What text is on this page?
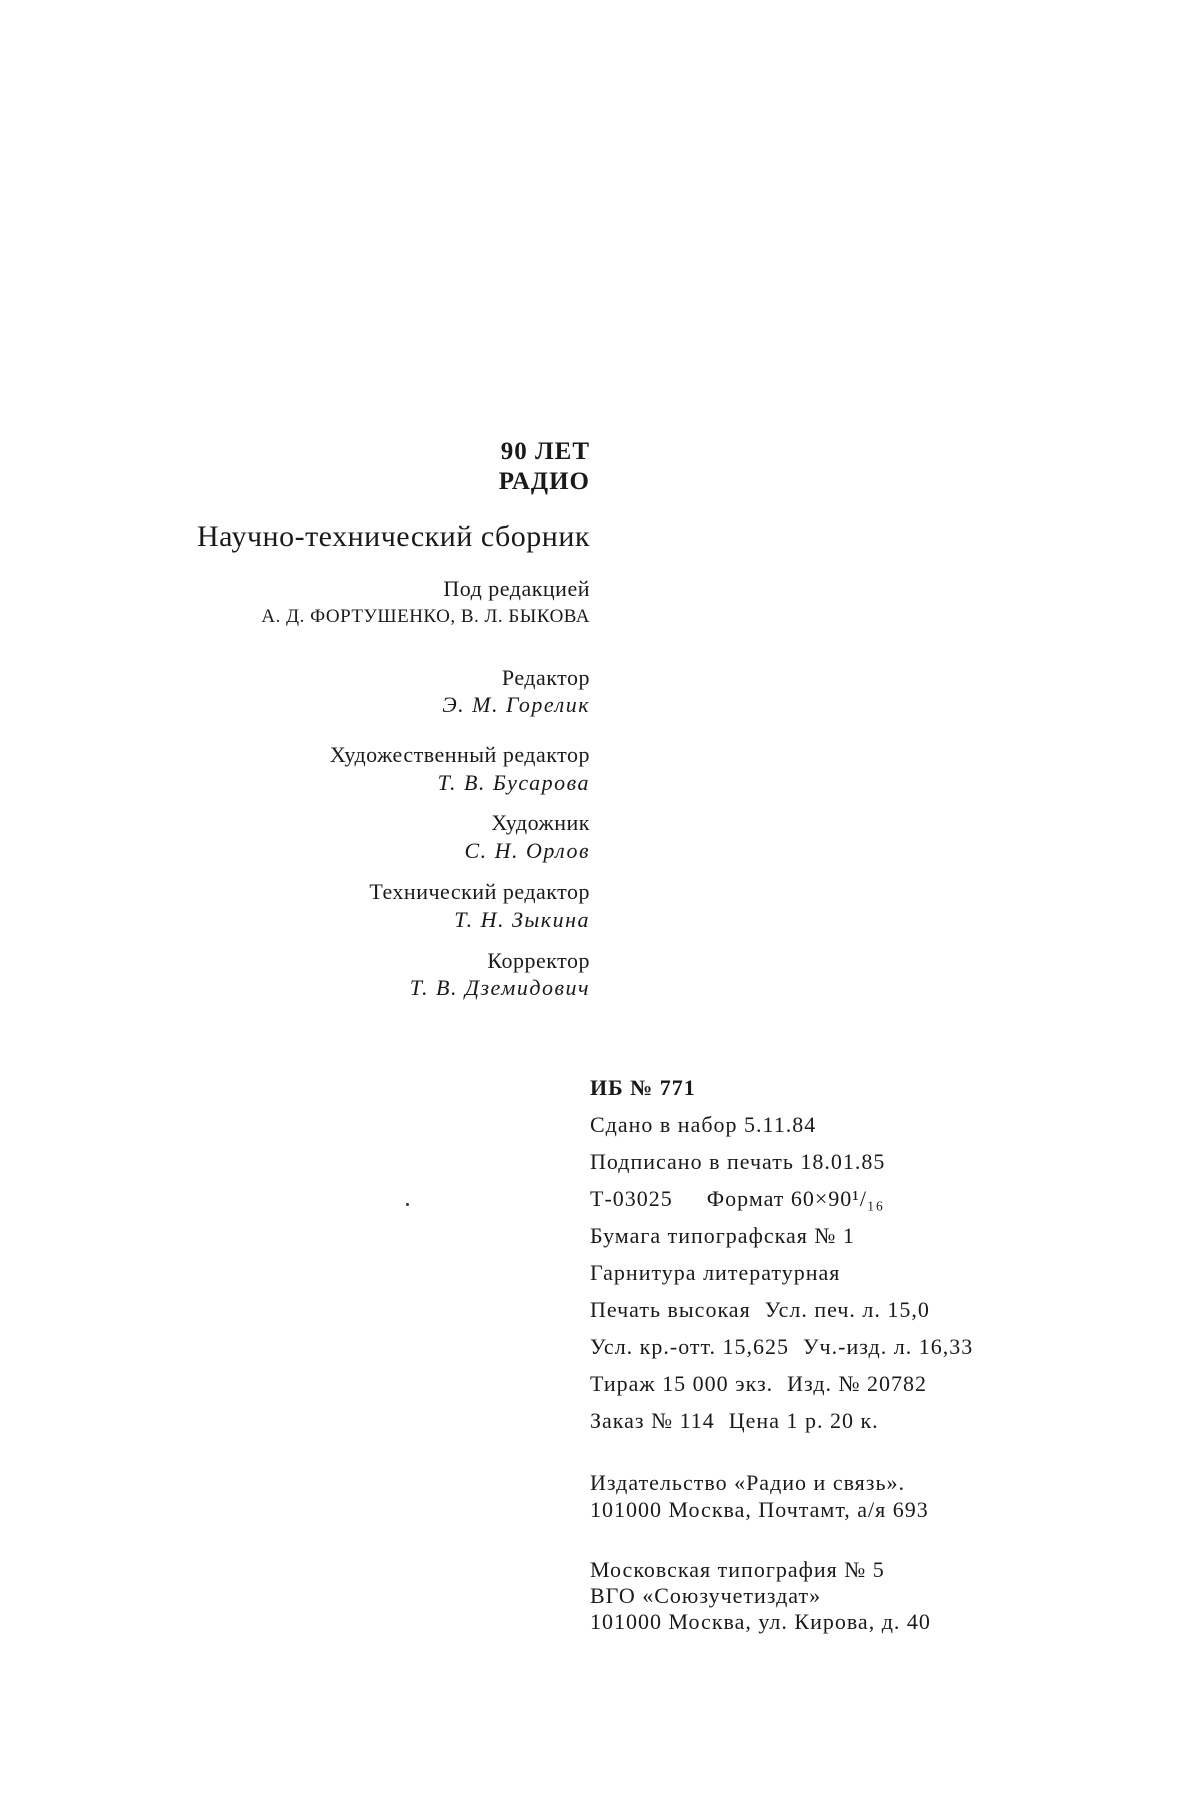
90 ЛЕТ
РАДИО
Научно-технический сборник
Под редакцией
А. Д. ФОРТУШЕНКО, В. Л. БЫКОВА
Редактор
Э. М. Горелик
Художественный редактор
Т. В. Бусарова
Художник
С. Н. Орлов
Технический редактор
Т. Н. Зыкина
Корректор
Т. В. Дземидович
ИБ № 771
Сдано в набор 5.11.84
Подписано в печать 18.01.85
Т-03025 Формат 60×90¹/₁₆
Бумага типографская № 1
Гарнитура литературная
Печать высокая Усл. печ. л. 15,0
Усл. кр.-отт. 15,625 Уч.-изд. л. 16,33
Тираж 15 000 экз. Изд. № 20782
Заказ № 114 Цена 1 р. 20 к.
Издательство «Радио и связь».
101000 Москва, Почтамт, а/я 693
Московская типография № 5
ВГО «Союзучетиздат»
101000 Москва, ул. Кирова, д. 40
